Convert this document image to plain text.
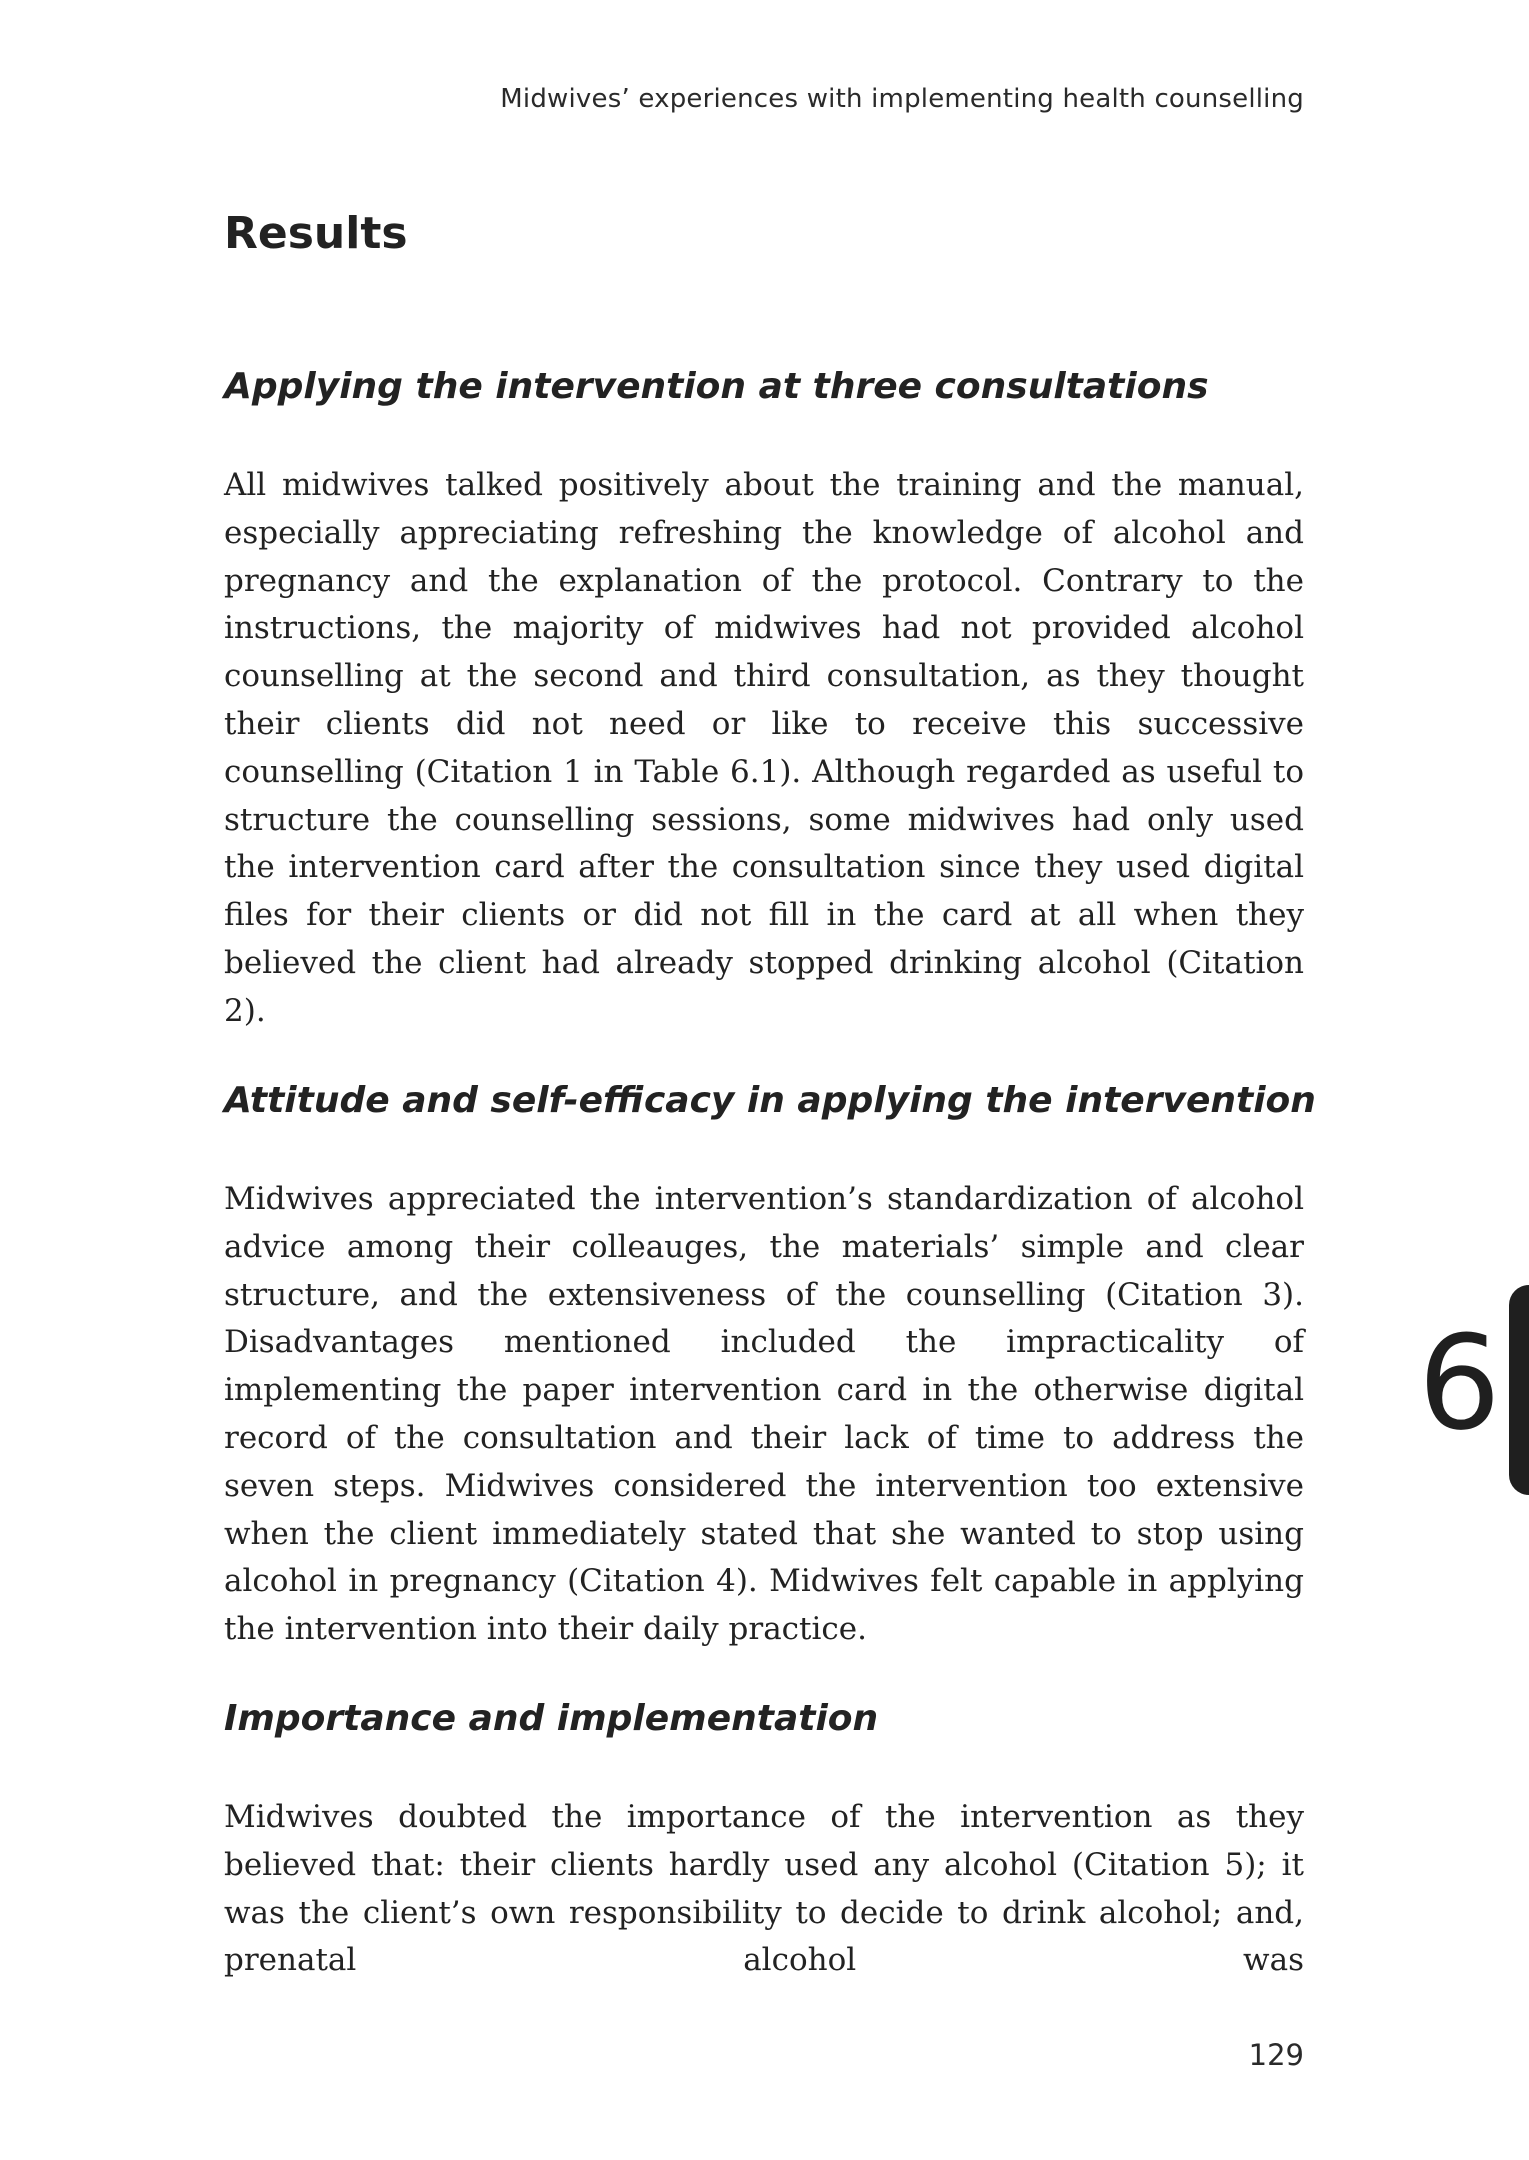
Midwives’ experiences with implementing health counselling
Results
Applying the intervention at three consultations

All midwives talked positively about the training and the manual, especially appreciating refreshing the knowledge of alcohol and pregnancy and the explanation of the protocol. Contrary to the instructions, the majority of midwives had not provided alcohol counselling at the second and third consultation, as they thought their clients did not need or like to receive this successive counselling (Citation 1 in Table 6.1). Although regarded as useful to structure the counselling sessions, some midwives had only used the intervention card after the consultation since they used digital files for their clients or did not fill in the card at all when they believed the client had already stopped drinking alcohol (Citation 2).

Attitude and self-efficacy in applying the intervention

Midwives appreciated the intervention’s standardization of alcohol advice among their colleauges, the materials’ simple and clear structure, and the extensiveness of the counselling (Citation 3). Disadvantages mentioned included the impracticality of implementing the paper intervention card in the otherwise digital record of the consultation and their lack of time to address the seven steps. Midwives considered the intervention too extensive when the client immediately stated that she wanted to stop using alcohol in pregnancy (Citation 4). Midwives felt capable in applying the intervention into their daily practice.

Importance and implementation

Midwives doubted the importance of the intervention as they believed that: their clients hardly used any alcohol (Citation 5); it was the client’s own responsibility to decide to drink alcohol; and, prenatal alcohol was

6
129
